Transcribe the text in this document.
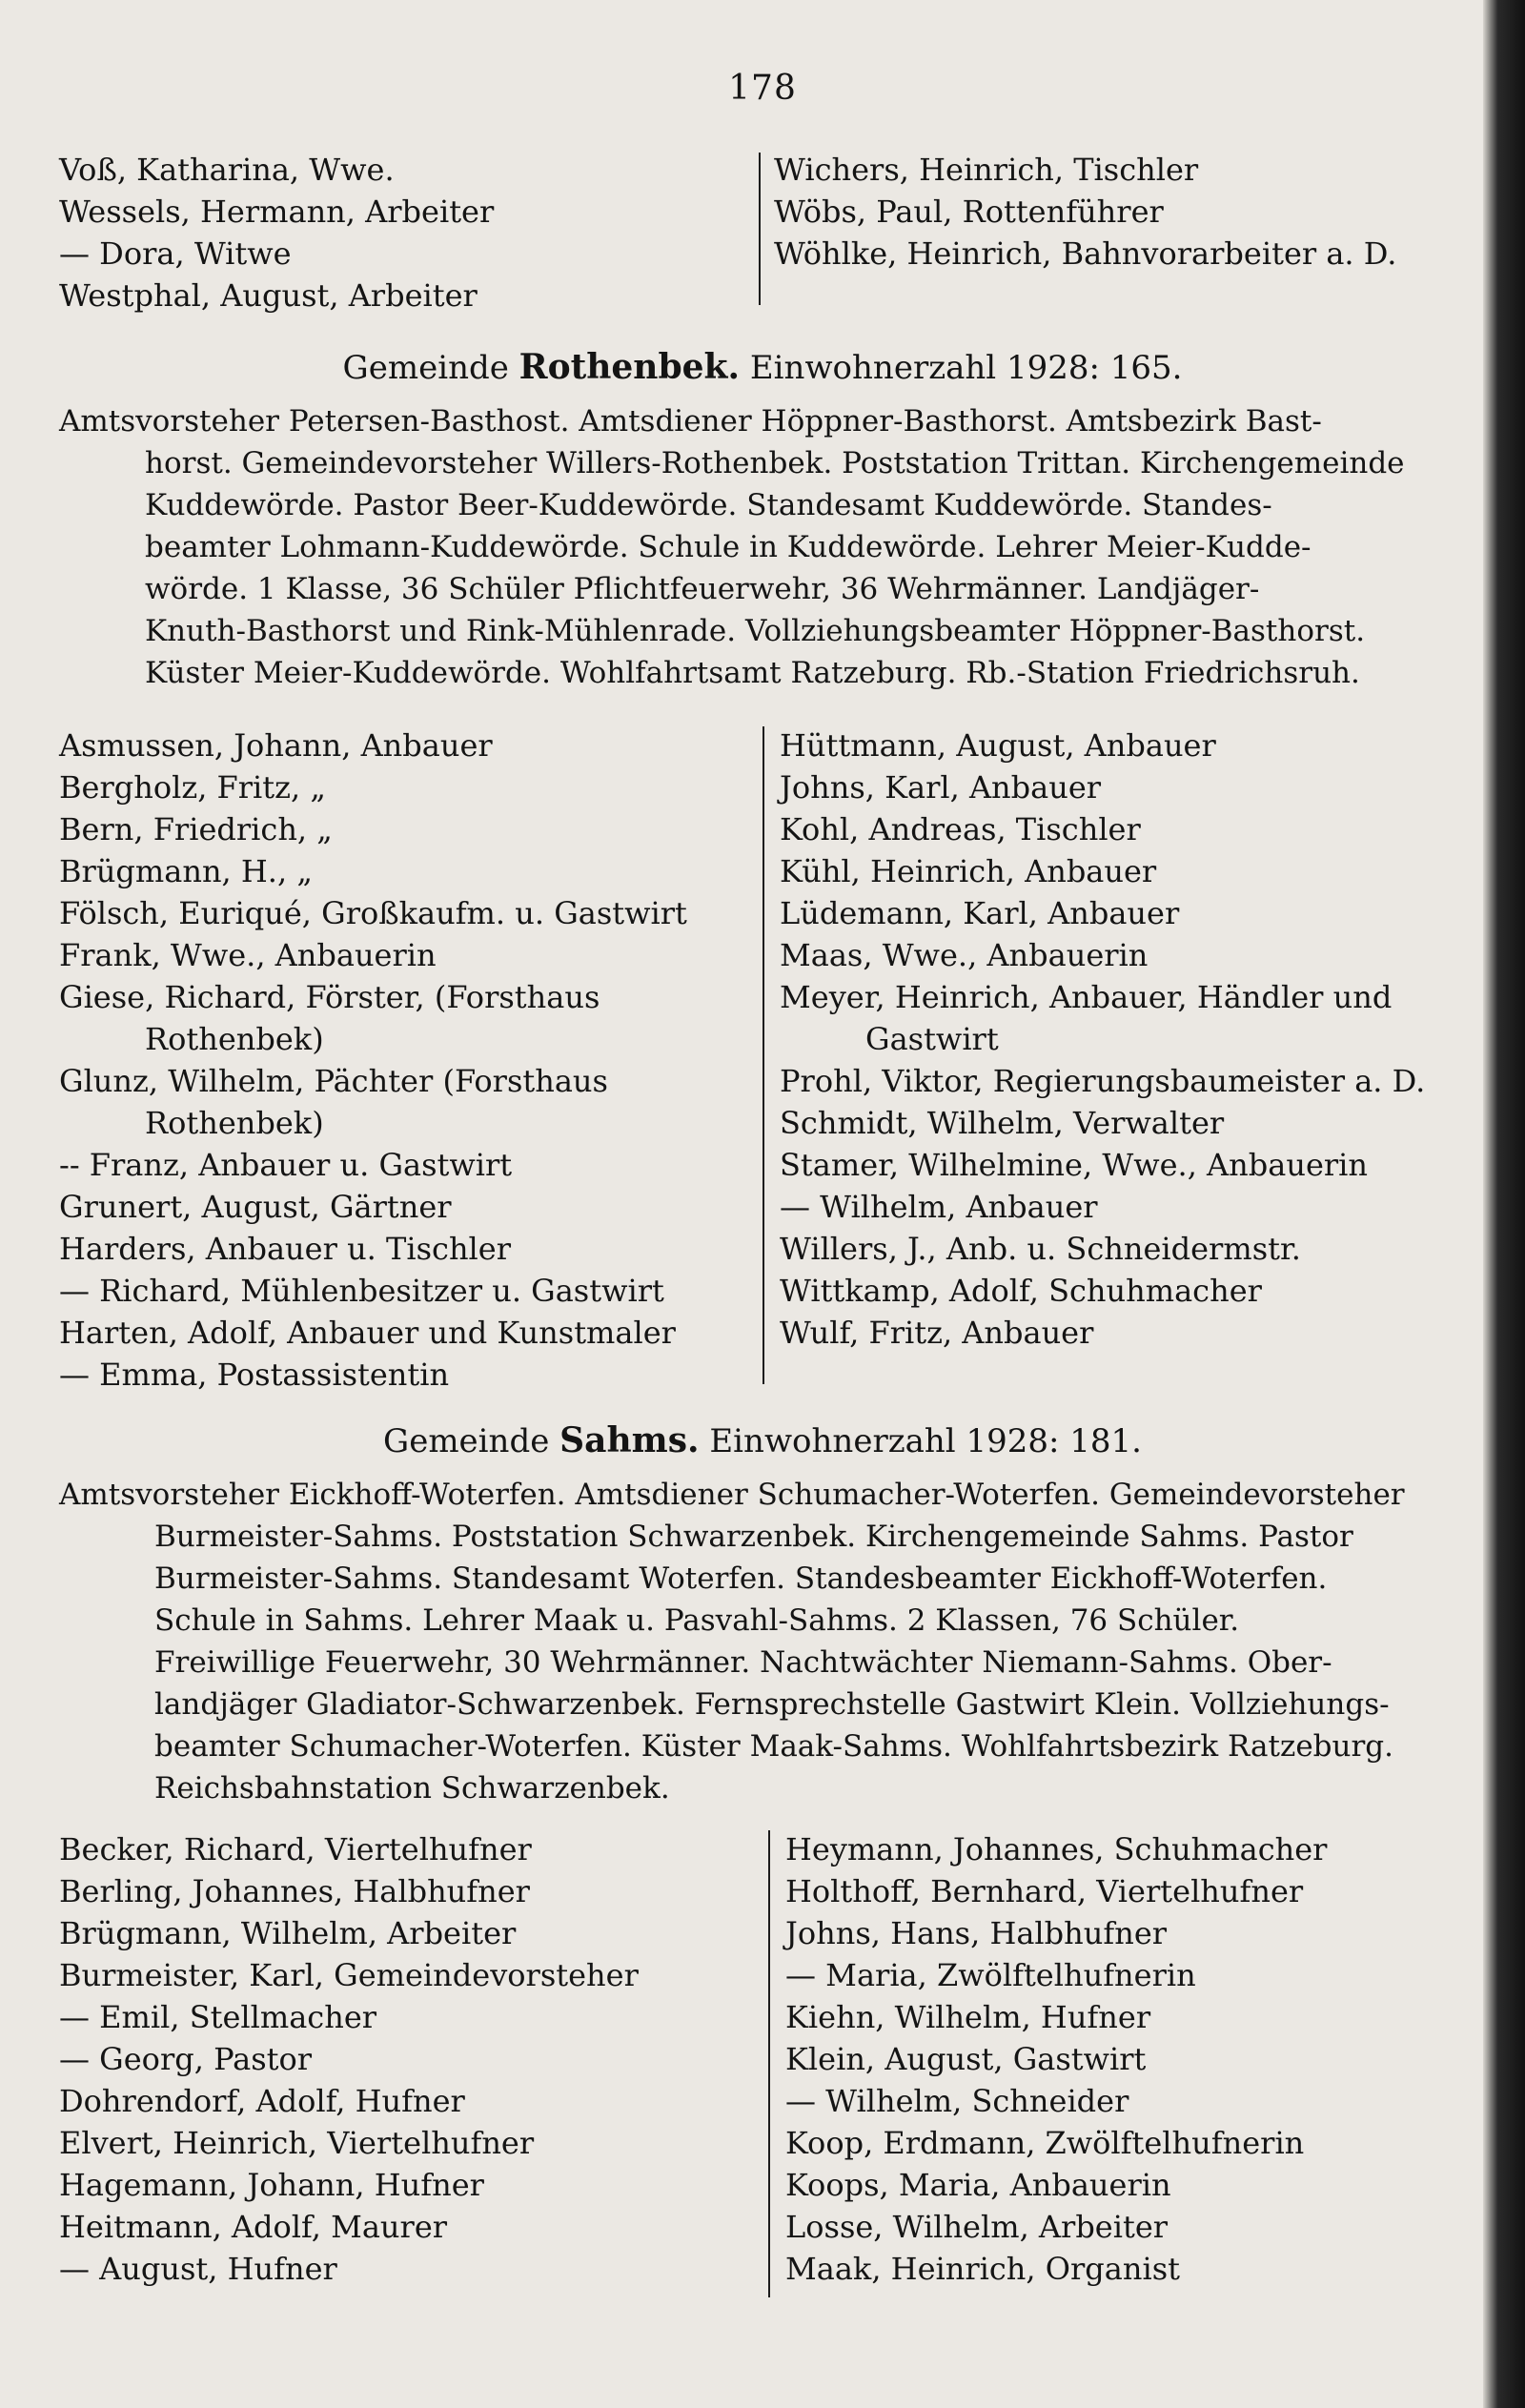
178
Voß, Katharina, Wwe.
Wessels, Hermann, Arbeiter
— Dora, Witwe
Westphal, August, Arbeiter
Wichers, Heinrich, Tischler
Wöbs, Paul, Rottenführer
Wöhlke, Heinrich, Bahnvorarbeiter a. D.
Gemeinde Rothenbek. Einwohnerzahl 1928: 165.
Amtsvorsteher Petersen-Basthost. Amtsdiener Höppner-Basthorst. Amtsbezirk Bast-
horst. Gemeindevorsteher Willers-Rothenbek. Poststation Trittan. Kirchengemeinde
Kuddewörde. Pastor Beer-Kuddewörde. Standesamt Kuddewörde. Standes-
beamter Lohmann-Kuddewörde. Schule in Kuddewörde. Lehrer Meier-Kudde-
wörde. 1 Klasse, 36 Schüler Pflichtfeuerwehr, 36 Wehrmänner. Landjäger-
Knuth-Basthorst und Rink-Mühlenrade. Vollziehungsbeamter Höppner-Basthorst.
Küster Meier-Kuddewörde. Wohlfahrtsamt Ratzeburg. Rb.-Station Friedrichsruh.
Asmussen, Johann, Anbauer
Bergholz, Fritz, „
Bern, Friedrich, „
Brügmann, H., „
Fölsch, Euriqué, Großkaufm. u. Gastwirt
Frank, Wwe., Anbauerin
Giese, Richard, Förster, (Forsthaus
Rothenbek)
Glunz, Wilhelm, Pächter (Forsthaus
Rothenbek)
-- Franz, Anbauer u. Gastwirt
Grunert, August, Gärtner
Harders, Anbauer u. Tischler
— Richard, Mühlenbesitzer u. Gastwirt
Harten, Adolf, Anbauer und Kunstmaler
— Emma, Postassistentin
Hüttmann, August, Anbauer
Johns, Karl, Anbauer
Kohl, Andreas, Tischler
Kühl, Heinrich, Anbauer
Lüdemann, Karl, Anbauer
Maas, Wwe., Anbauerin
Meyer, Heinrich, Anbauer, Händler und
Gastwirt
Prohl, Viktor, Regierungsbaumeister a. D.
Schmidt, Wilhelm, Verwalter
Stamer, Wilhelmine, Wwe., Anbauerin
— Wilhelm, Anbauer
Willers, J., Anb. u. Schneidermstr.
Wittkamp, Adolf, Schuhmacher
Wulf, Fritz, Anbauer
Gemeinde Sahms. Einwohnerzahl 1928: 181.
Amtsvorsteher Eickhoff-Woterfen. Amtsdiener Schumacher-Woterfen. Gemeindevorsteher
Burmeister-Sahms. Poststation Schwarzenbek. Kirchengemeinde Sahms. Pastor
Burmeister-Sahms. Standesamt Woterfen. Standesbeamter Eickhoff-Woterfen.
Schule in Sahms. Lehrer Maak u. Pasvahl-Sahms. 2 Klassen, 76 Schüler.
Freiwillige Feuerwehr, 30 Wehrmänner. Nachtwächter Niemann-Sahms. Ober-
landjäger Gladiator-Schwarzenbek. Fernsprechstelle Gastwirt Klein. Vollziehungs-
beamter Schumacher-Woterfen. Küster Maak-Sahms. Wohlfahrtsbezirk Ratzeburg.
Reichsbahnstation Schwarzenbek.
Becker, Richard, Viertelhufner
Berling, Johannes, Halbhufner
Brügmann, Wilhelm, Arbeiter
Burmeister, Karl, Gemeindevorsteher
— Emil, Stellmacher
— Georg, Pastor
Dohrendorf, Adolf, Hufner
Elvert, Heinrich, Viertelhufner
Hagemann, Johann, Hufner
Heitmann, Adolf, Maurer
— August, Hufner
Heymann, Johannes, Schuhmacher
Holthoff, Bernhard, Viertelhufner
Johns, Hans, Halbhufner
— Maria, Zwölftelhufnerin
Kiehn, Wilhelm, Hufner
Klein, August, Gastwirt
— Wilhelm, Schneider
Koop, Erdmann, Zwölftelhufnerin
Koops, Maria, Anbauerin
Losse, Wilhelm, Arbeiter
Maak, Heinrich, Organist
